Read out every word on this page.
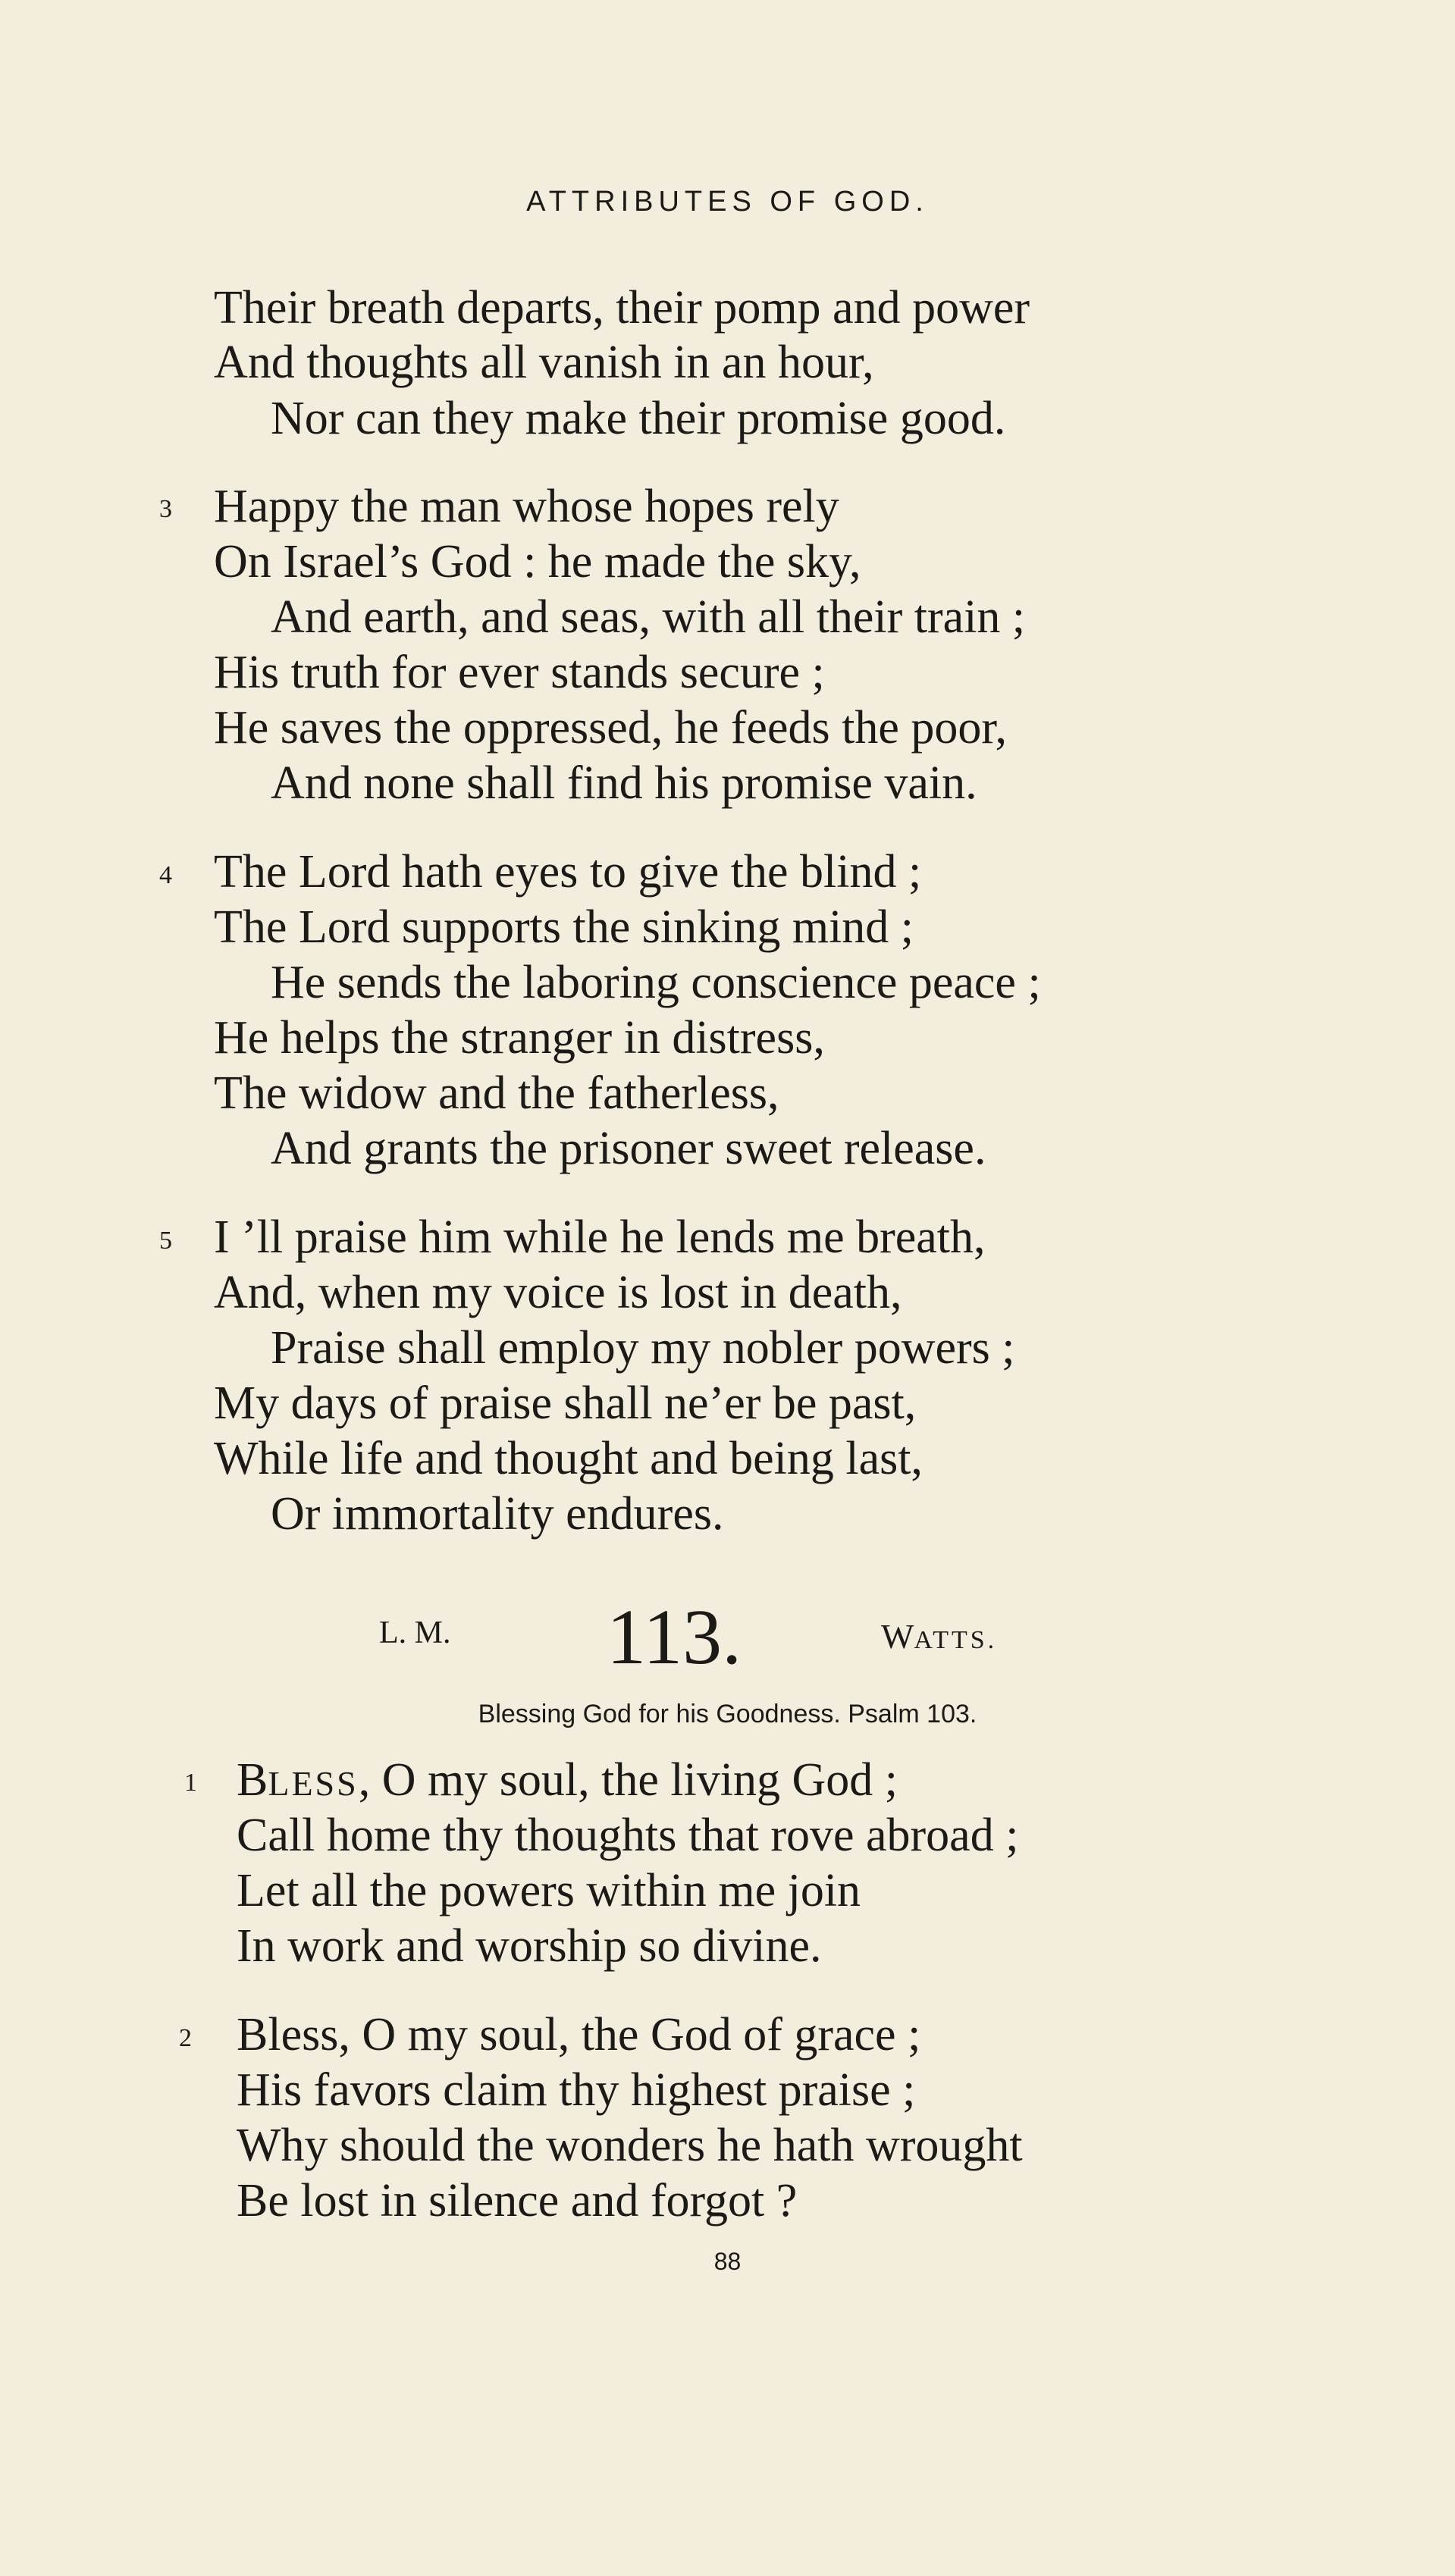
ATTRIBUTES OF GOD.
Their breath departs, their pomp and power
And thoughts all vanish in an hour,
Nor can they make their promise good.
3 Happy the man whose hopes rely
On Israel’s God : he made the sky,
And earth, and seas, with all their train ;
His truth for ever stands secure ;
He saves the oppressed, he feeds the poor,
And none shall find his promise vain.
4 The Lord hath eyes to give the blind ;
The Lord supports the sinking mind ;
He sends the laboring conscience peace ;
He helps the stranger in distress,
The widow and the fatherless,
And grants the prisoner sweet release.
5 I ’ll praise him while he lends me breath,
And, when my voice is lost in death,
Praise shall employ my nobler powers ;
My days of praise shall ne’er be past,
While life and thought and being last,
Or immortality endures.
L. M. 113.	WATTS.
Blessing God for his Goodness. Psalm 103.
1 BLESS, O my soul, the living God ;
Call home thy thoughts that rove abroad ;
Let all the powers within me join
In work and worship so divine.
2 Bless, O my soul, the God of grace ;
His favors claim thy highest praise ;
Why should the wonders he hath wrought
Be lost in silence and forgot ?
88
